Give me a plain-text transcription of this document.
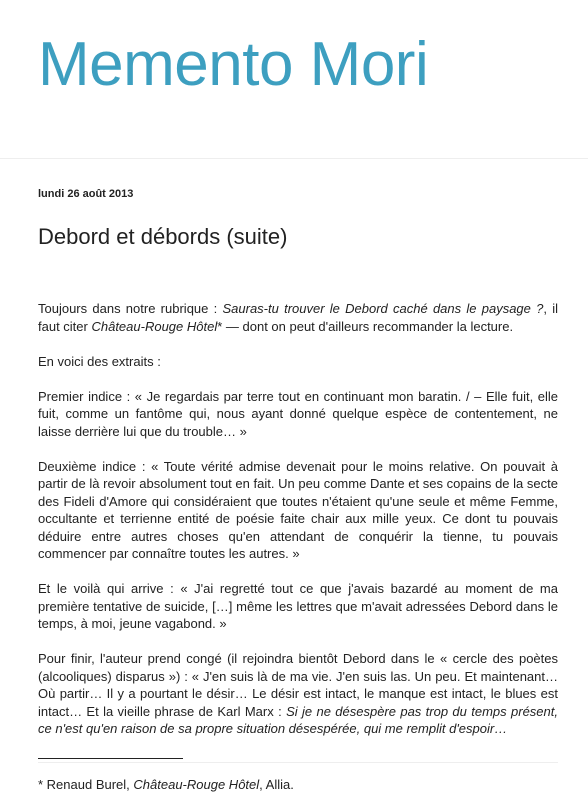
Memento Mori
lundi 26 août 2013
Debord et débords (suite)

Toujours dans notre rubrique : Sauras-tu trouver le Debord caché dans le paysage ?, il faut citer Château-Rouge Hôtel* — dont on peut d'ailleurs recommander la lecture.

En voici des extraits :

Premier indice : « Je regardais par terre tout en continuant mon baratin. / – Elle fuit, elle fuit, comme un fantôme qui, nous ayant donné quelque espèce de contentement, ne laisse derrière lui que du trouble… »

Deuxième indice : « Toute vérité admise devenait pour le moins relative. On pouvait à partir de là revoir absolument tout en fait. Un peu comme Dante et ses copains de la secte des Fideli d'Amore qui considéraient que toutes n'étaient qu'une seule et même Femme, occultante et terrienne entité de poésie faite chair aux mille yeux. Ce dont tu pouvais déduire entre autres choses qu'en attendant de conquérir la tienne, tu pouvais commencer par connaître toutes les autres. »

Et le voilà qui arrive : « J'ai regretté tout ce que j'avais bazardé au moment de ma première tentative de suicide, […] même les lettres que m'avait adressées Debord dans le temps, à moi, jeune vagabond. »

Pour finir, l'auteur prend congé (il rejoindra bientôt Debord dans le « cercle des poètes (alcooliques) disparus ») : « J'en suis là de ma vie. J'en suis las. Un peu. Et maintenant… Où partir… Il y a pourtant le désir… Le désir est intact, le manque est intact, le blues est intact… Et la vieille phrase de Karl Marx : Si je ne désespère pas trop du temps présent, ce n'est qu'en raison de sa propre situation désespérée, qui me remplit d'espoir…

* Renaud Burel, Château-Rouge Hôtel, Allia.
